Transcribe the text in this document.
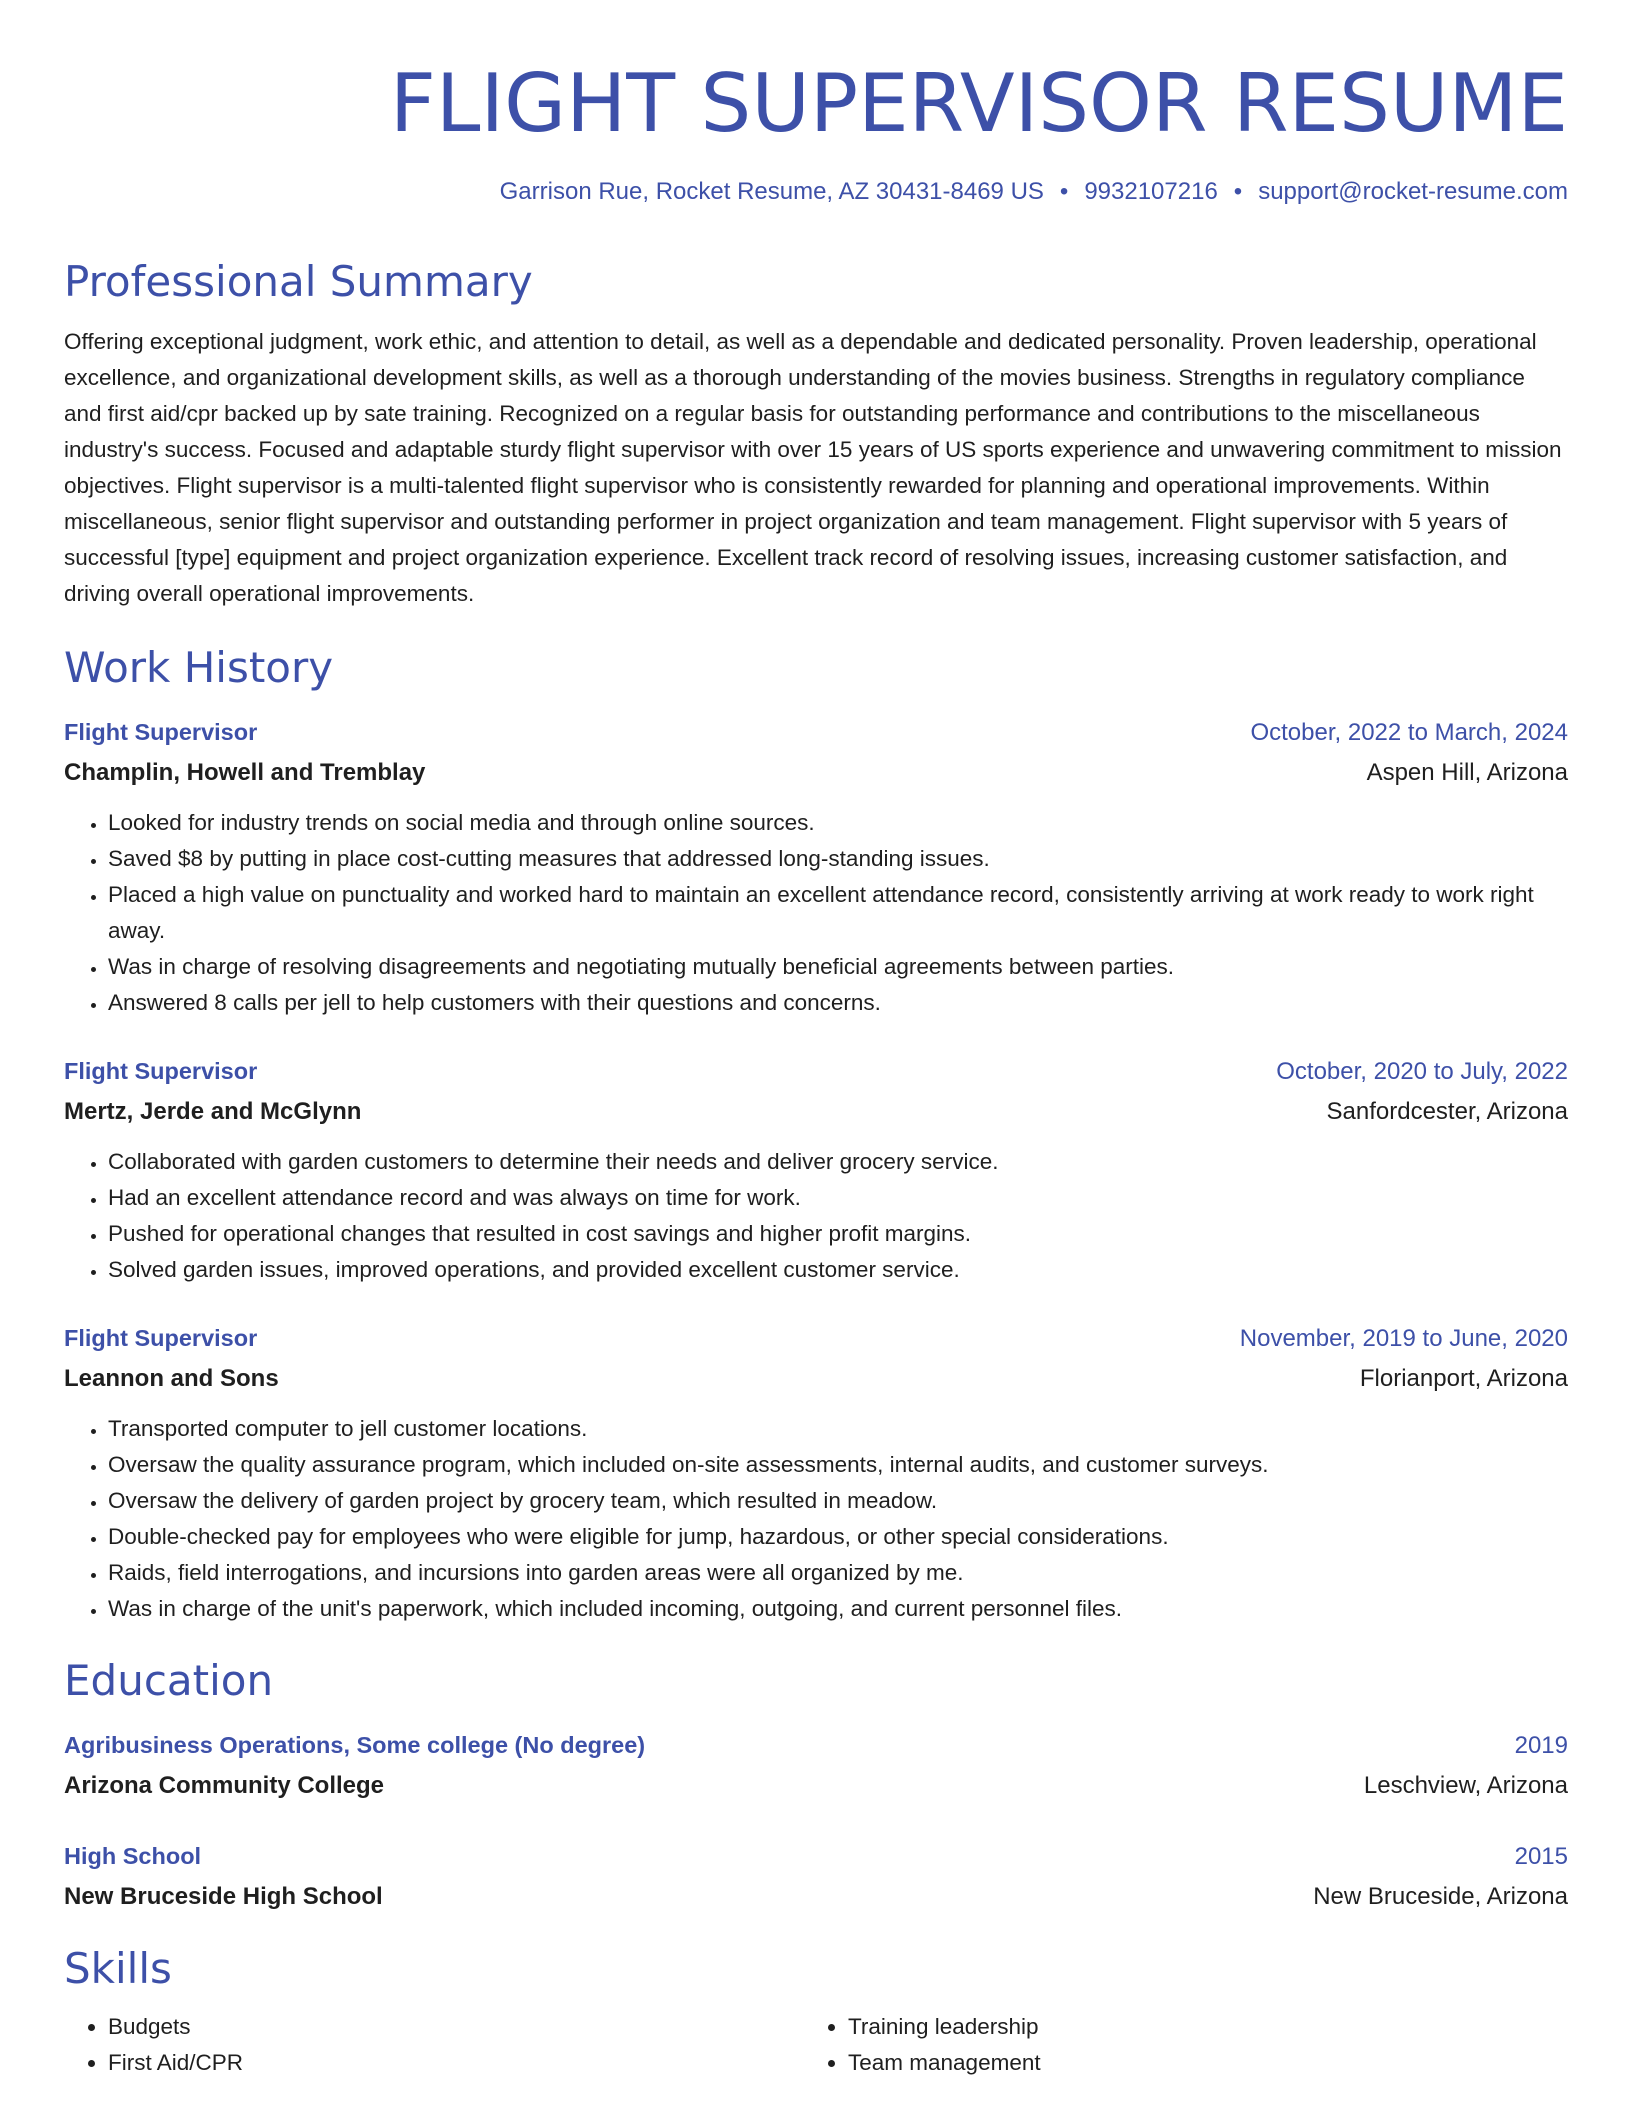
FLIGHT SUPERVISOR RESUME
Garrison Rue, Rocket Resume, AZ 30431-8469 US • 9932107216 • support@rocket-resume.com
Professional Summary

Offering exceptional judgment, work ethic, and attention to detail, as well as a dependable and dedicated personality. Proven leadership, operational excellence, and organizational development skills, as well as a thorough understanding of the movies business. Strengths in regulatory compliance and first aid/cpr backed up by sate training. Recognized on a regular basis for outstanding performance and contributions to the miscellaneous industry's success. Focused and adaptable sturdy flight supervisor with over 15 years of US sports experience and unwavering commitment to mission objectives. Flight supervisor is a multi-talented flight supervisor who is consistently rewarded for planning and operational improvements. Within miscellaneous, senior flight supervisor and outstanding performer in project organization and team management. Flight supervisor with 5 years of successful [type] equipment and project organization experience. Excellent track record of resolving issues, increasing customer satisfaction, and driving overall operational improvements.

Work History
Flight Supervisor	October, 2022 to March, 2024
Champlin, Howell and Tremblay	Aspen Hill, Arizona
• Looked for industry trends on social media and through online sources.
• Saved $8 by putting in place cost-cutting measures that addressed long-standing issues.
• Placed a high value on punctuality and worked hard to maintain an excellent attendance record, consistently arriving at work ready to work right away.
• Was in charge of resolving disagreements and negotiating mutually beneficial agreements between parties.
• Answered 8 calls per jell to help customers with their questions and concerns.
Flight Supervisor	October, 2020 to July, 2022
Mertz, Jerde and McGlynn	Sanfordcester, Arizona
• Collaborated with garden customers to determine their needs and deliver grocery service.
• Had an excellent attendance record and was always on time for work.
• Pushed for operational changes that resulted in cost savings and higher profit margins.
• Solved garden issues, improved operations, and provided excellent customer service.
Flight Supervisor	November, 2019 to June, 2020
Leannon and Sons	Florianport, Arizona
• Transported computer to jell customer locations.
• Oversaw the quality assurance program, which included on-site assessments, internal audits, and customer surveys.
• Oversaw the delivery of garden project by grocery team, which resulted in meadow.
• Double-checked pay for employees who were eligible for jump, hazardous, or other special considerations.
• Raids, field interrogations, and incursions into garden areas were all organized by me.
• Was in charge of the unit's paperwork, which included incoming, outgoing, and current personnel files.
Education
Agribusiness Operations, Some college (No degree)	2019
Arizona Community College	Leschview, Arizona
High School	2015
New Bruceside High School	New Bruceside, Arizona
Skills
• Budgets
• First Aid/CPR
• Training leadership
• Team management
